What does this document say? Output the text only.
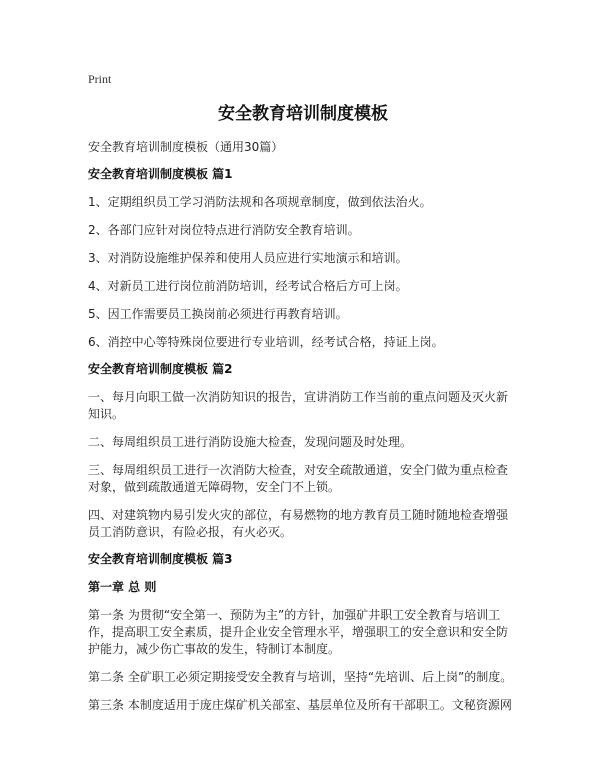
Print
安全教育培训制度模板
安全教育培训制度模板（通用30篇）
安全教育培训制度模板 篇1
1、定期组织员工学习消防法规和各项规章制度，做到依法治火。
2、各部门应针对岗位特点进行消防安全教育培训。
3、对消防设施维护保养和使用人员应进行实地演示和培训。
4、对新员工进行岗位前消防培训，经考试合格后方可上岗。
5、因工作需要员工换岗前必须进行再教育培训。
6、消控中心等特殊岗位要进行专业培训，经考试合格，持证上岗。
安全教育培训制度模板 篇2
一、每月向职工做一次消防知识的报告，宣讲消防工作当前的重点问题及灭火新知识。
二、每周组织员工进行消防设施大检查，发现问题及时处理。
三、每周组织员工进行一次消防大检查，对安全疏散通道，安全门做为重点检查对象，做到疏散通道无障碍物，安全门不上锁。
四、对建筑物内易引发火灾的部位，有易燃物的地方教育员工随时随地检查增强员工消防意识，有险必报，有火必灭。
安全教育培训制度模板 篇3
第一章 总 则
第一条 为贯彻“安全第一、预防为主”的方针，加强矿井职工安全教育与培训工作，提高职工安全素质，提升企业安全管理水平，增强职工的安全意识和安全防护能力，减少伤亡事故的发生，特制订本制度。
第二条 全矿职工必须定期接受安全教育与培训，坚持“先培训、后上岗”的制度。
第三条 本制度适用于庞庄煤矿机关部室、基层单位及所有干部职工。文秘资源网
